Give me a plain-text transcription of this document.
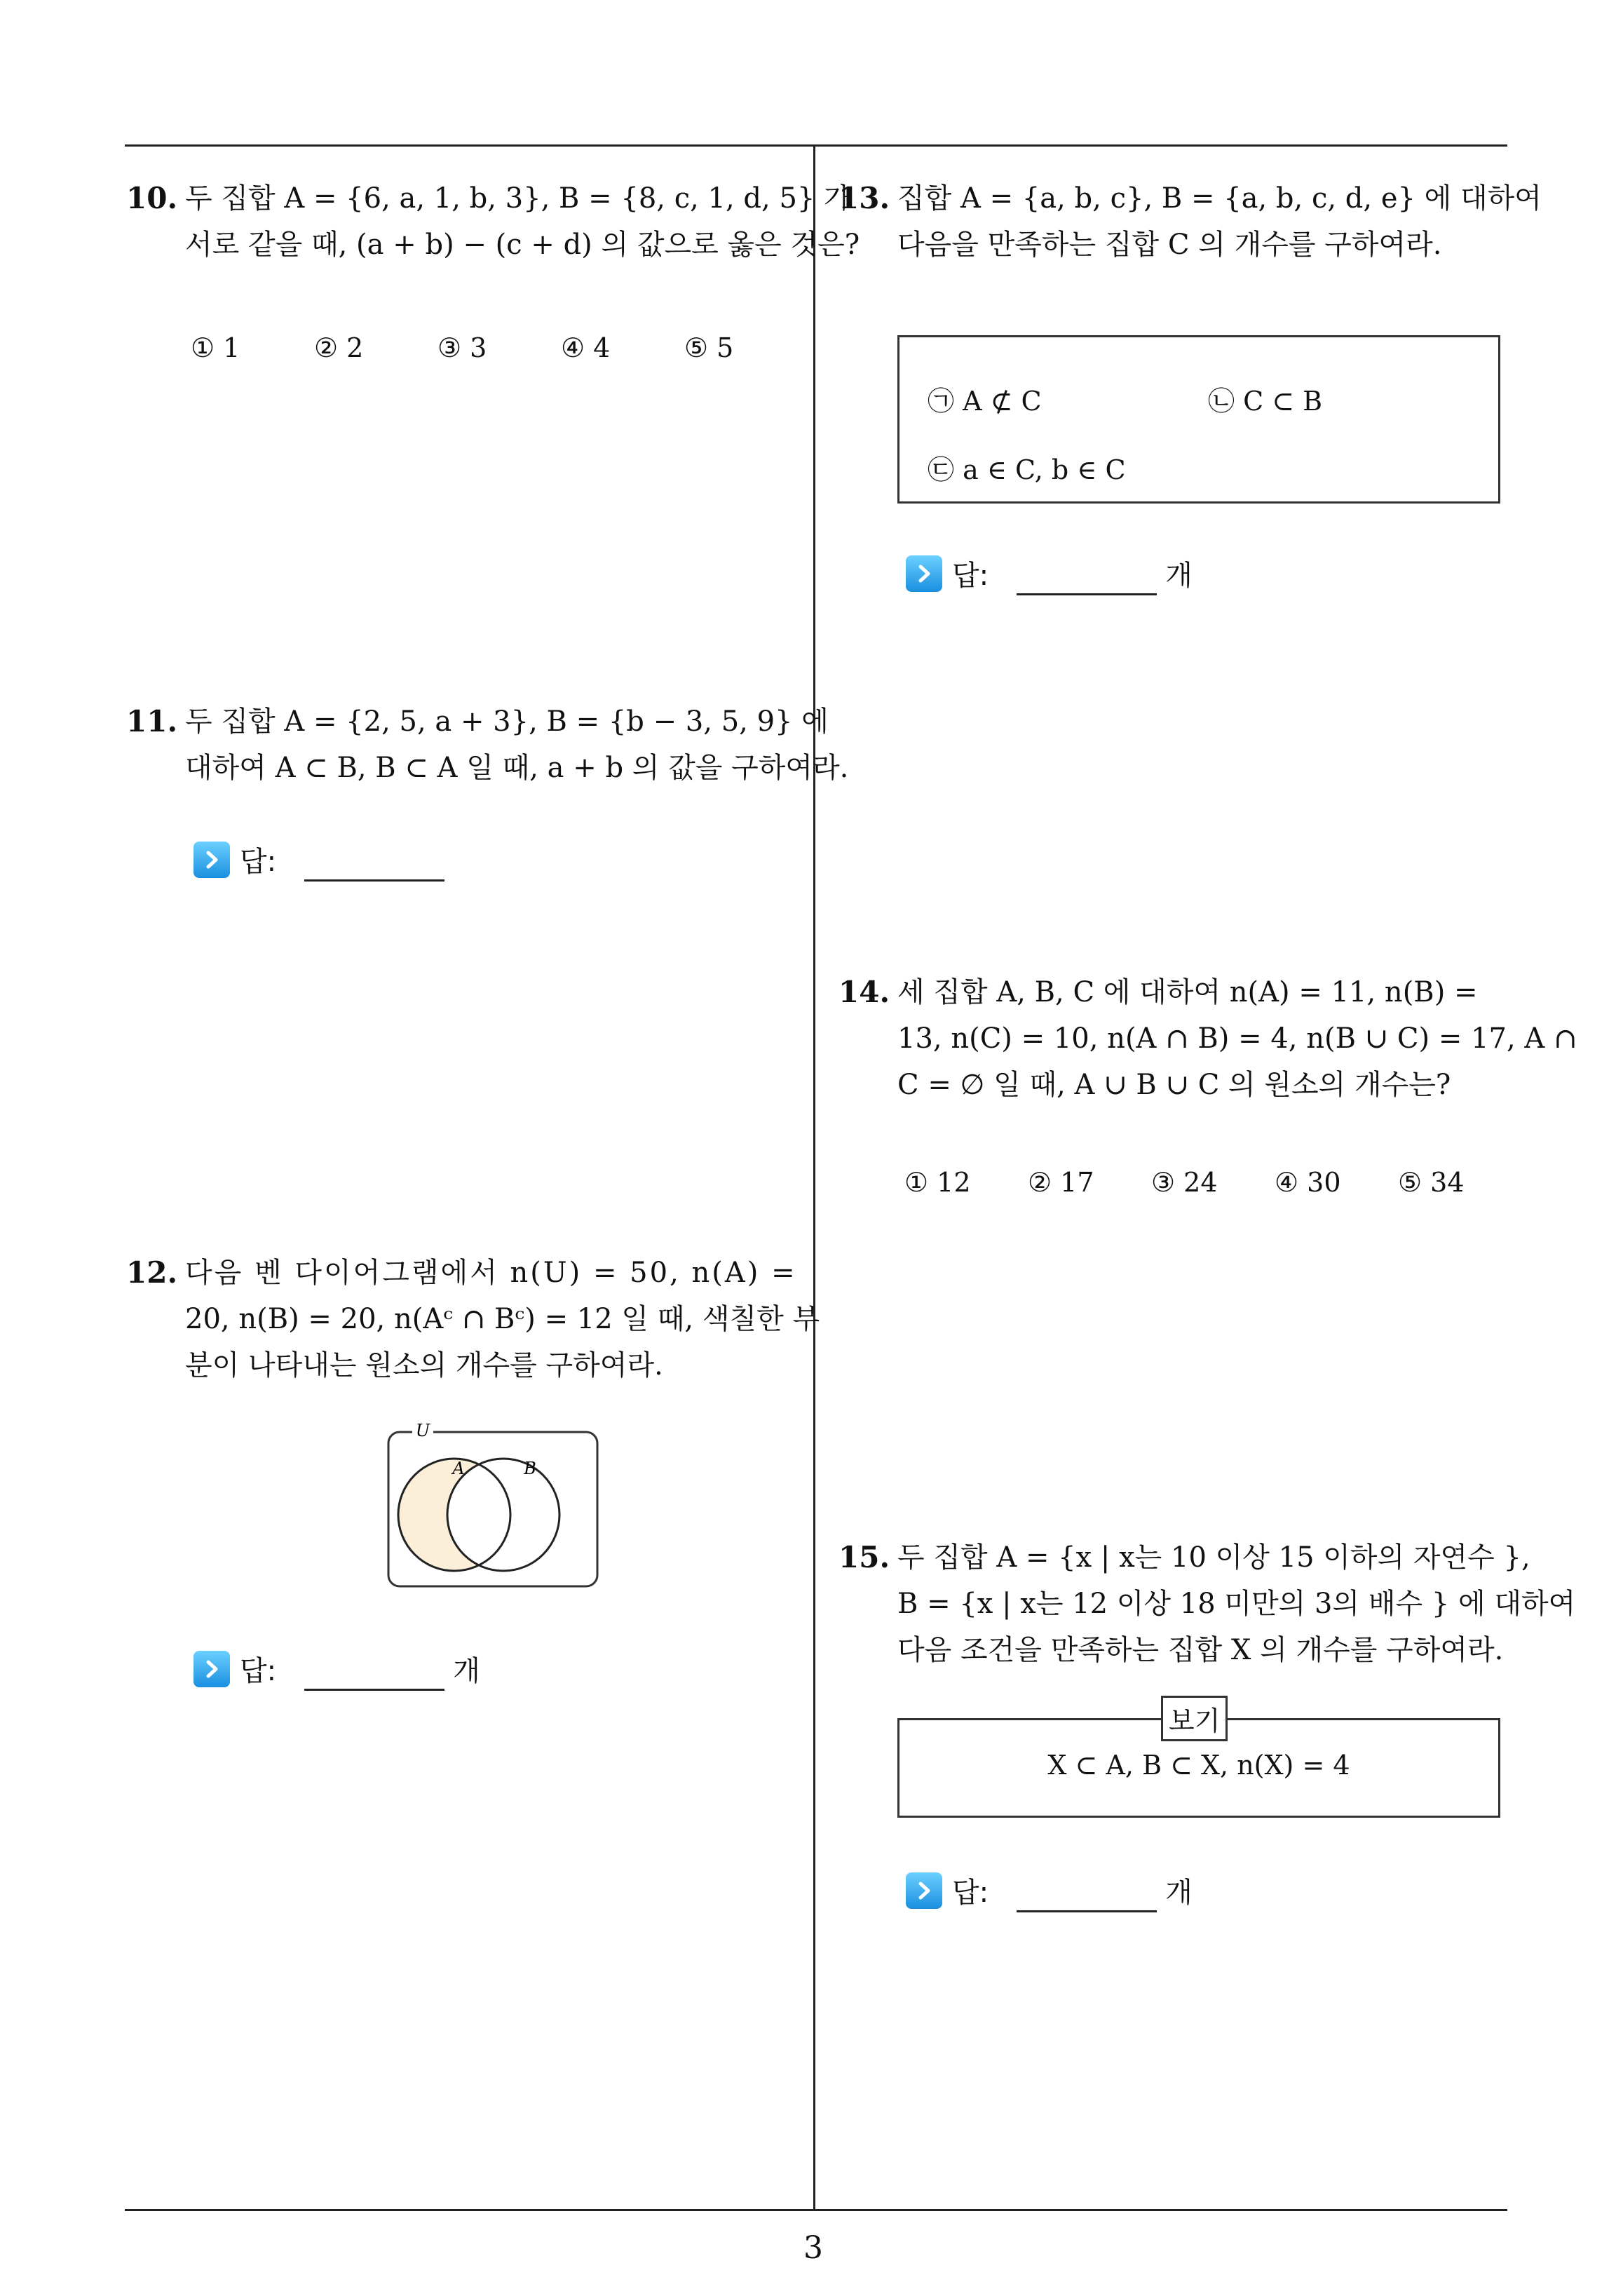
10. 두 집합 A = {6, a, 1, b, 3}, B = {8, c, 1, d, 5} 가
서로 같을 때, (a + b) − (c + d) 의 값으로 옳은 것은?
① 1	② 2	③ 3	④ 4	⑤ 5
11. 두 집합 A = {2, 5, a + 3}, B = {b − 3, 5, 9} 에
대하여 A ⊂ B, B ⊂ A 일 때, a + b 의 값을 구하여라.
답:
12. 다음 벤 다이어그램에서 n(U) = 50, n(A) =
20, n(B) = 20, n(Aᶜ ∩ Bᶜ) = 12 일 때, 색칠한 부
분이 나타내는 원소의 개수를 구하여라.
U
A	B
답:	개
13. 집합 A = {a, b, c}, B = {a, b, c, d, e} 에 대하여
다음을 만족하는 집합 C 의 개수를 구하여라.
㉠ A ⊄ C	㉡ C ⊂ B
㉢ a ∈ C, b ∈ C
답:	개
14. 세 집합 A, B, C 에 대하여 n(A) = 11, n(B) =
13, n(C) = 10, n(A ∩ B) = 4, n(B ∪ C) = 17, A ∩
C = ∅ 일 때, A ∪ B ∪ C 의 원소의 개수는?
① 12	② 17	③ 24	④ 30	⑤ 34
15. 두 집합 A = {x | x는 10 이상 15 이하의 자연수 },
B = {x | x는 12 이상 18 미만의 3의 배수 } 에 대하여
다음 조건을 만족하는 집합 X 의 개수를 구하여라.
X ⊂ A, B ⊂ X, n(X) = 4
보기
답:	개
3
